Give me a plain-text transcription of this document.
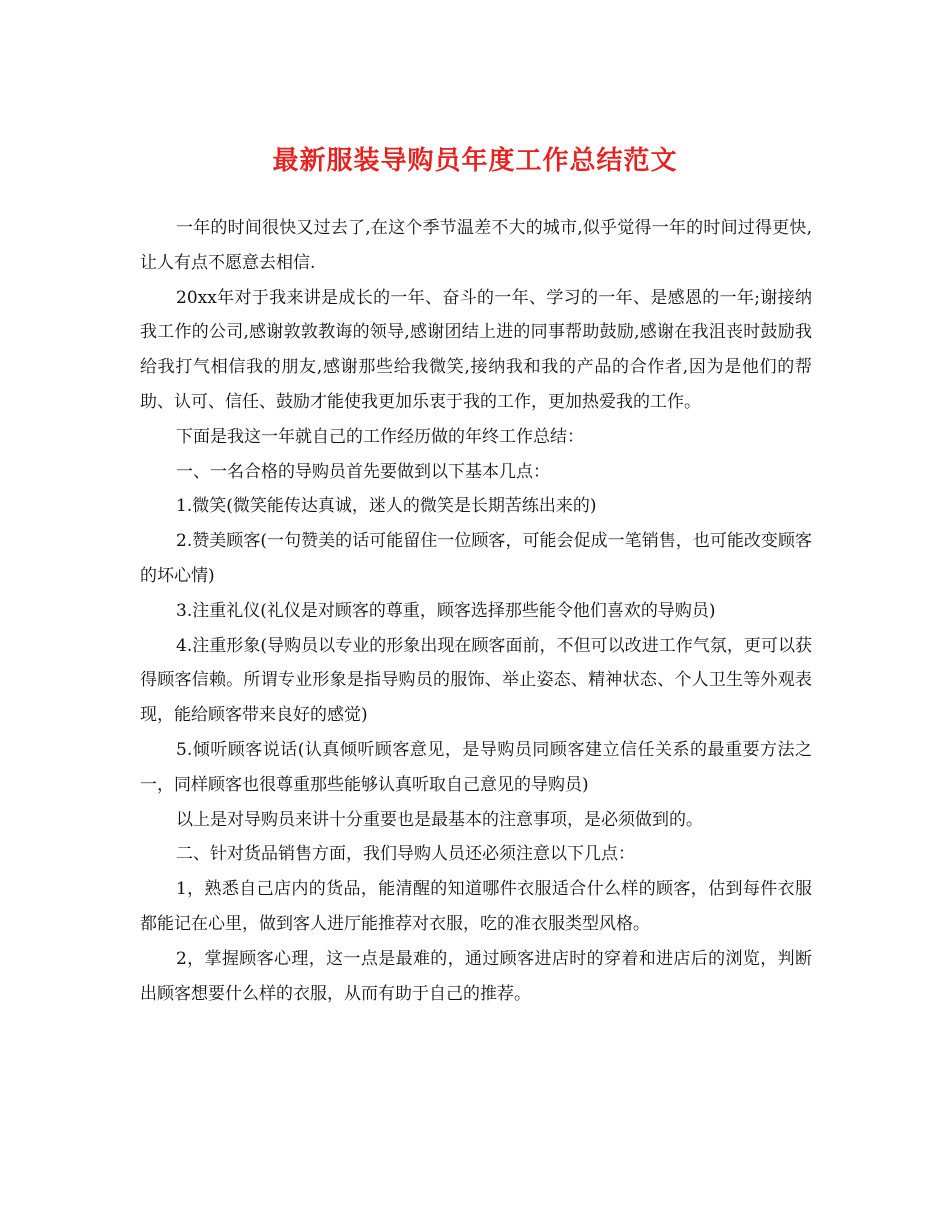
最新服装导购员年度工作总结范文

一年的时间很快又过去了,在这个季节温差不大的城市,似乎觉得一年的时间过得更快,让人有点不愿意去相信.

20xx年对于我来讲是成长的一年、奋斗的一年、学习的一年、是感恩的一年;谢接纳我工作的公司,感谢敦敦教诲的领导,感谢团结上进的同事帮助鼓励,感谢在我沮丧时鼓励我给我打气相信我的朋友,感谢那些给我微笑,接纳我和我的产品的合作者,因为是他们的帮助、认可、信任、鼓励才能使我更加乐衷于我的工作，更加热爱我的工作。

下面是我这一年就自己的工作经历做的年终工作总结：

一、一名合格的导购员首先要做到以下基本几点：

1.微笑(微笑能传达真诚，迷人的微笑是长期苦练出来的)

2.赞美顾客(一句赞美的话可能留住一位顾客，可能会促成一笔销售，也可能改变顾客的坏心情)

3.注重礼仪(礼仪是对顾客的尊重，顾客选择那些能令他们喜欢的导购员)

4.注重形象(导购员以专业的形象出现在顾客面前，不但可以改进工作气氛，更可以获得顾客信赖。所谓专业形象是指导购员的服饰、举止姿态、精神状态、个人卫生等外观表现，能给顾客带来良好的感觉)

5.倾听顾客说话(认真倾听顾客意见，是导购员同顾客建立信任关系的最重要方法之一，同样顾客也很尊重那些能够认真听取自己意见的导购员)

以上是对导购员来讲十分重要也是最基本的注意事项，是必须做到的。

二、针对货品销售方面，我们导购人员还必须注意以下几点：

1，熟悉自己店内的货品，能清醒的知道哪件衣服适合什么样的顾客，估到每件衣服都能记在心里，做到客人进厅能推荐对衣服，吃的准衣服类型风格。

2，掌握顾客心理，这一点是最难的，通过顾客进店时的穿着和进店后的浏览，判断出顾客想要什么样的衣服，从而有助于自己的推荐。
